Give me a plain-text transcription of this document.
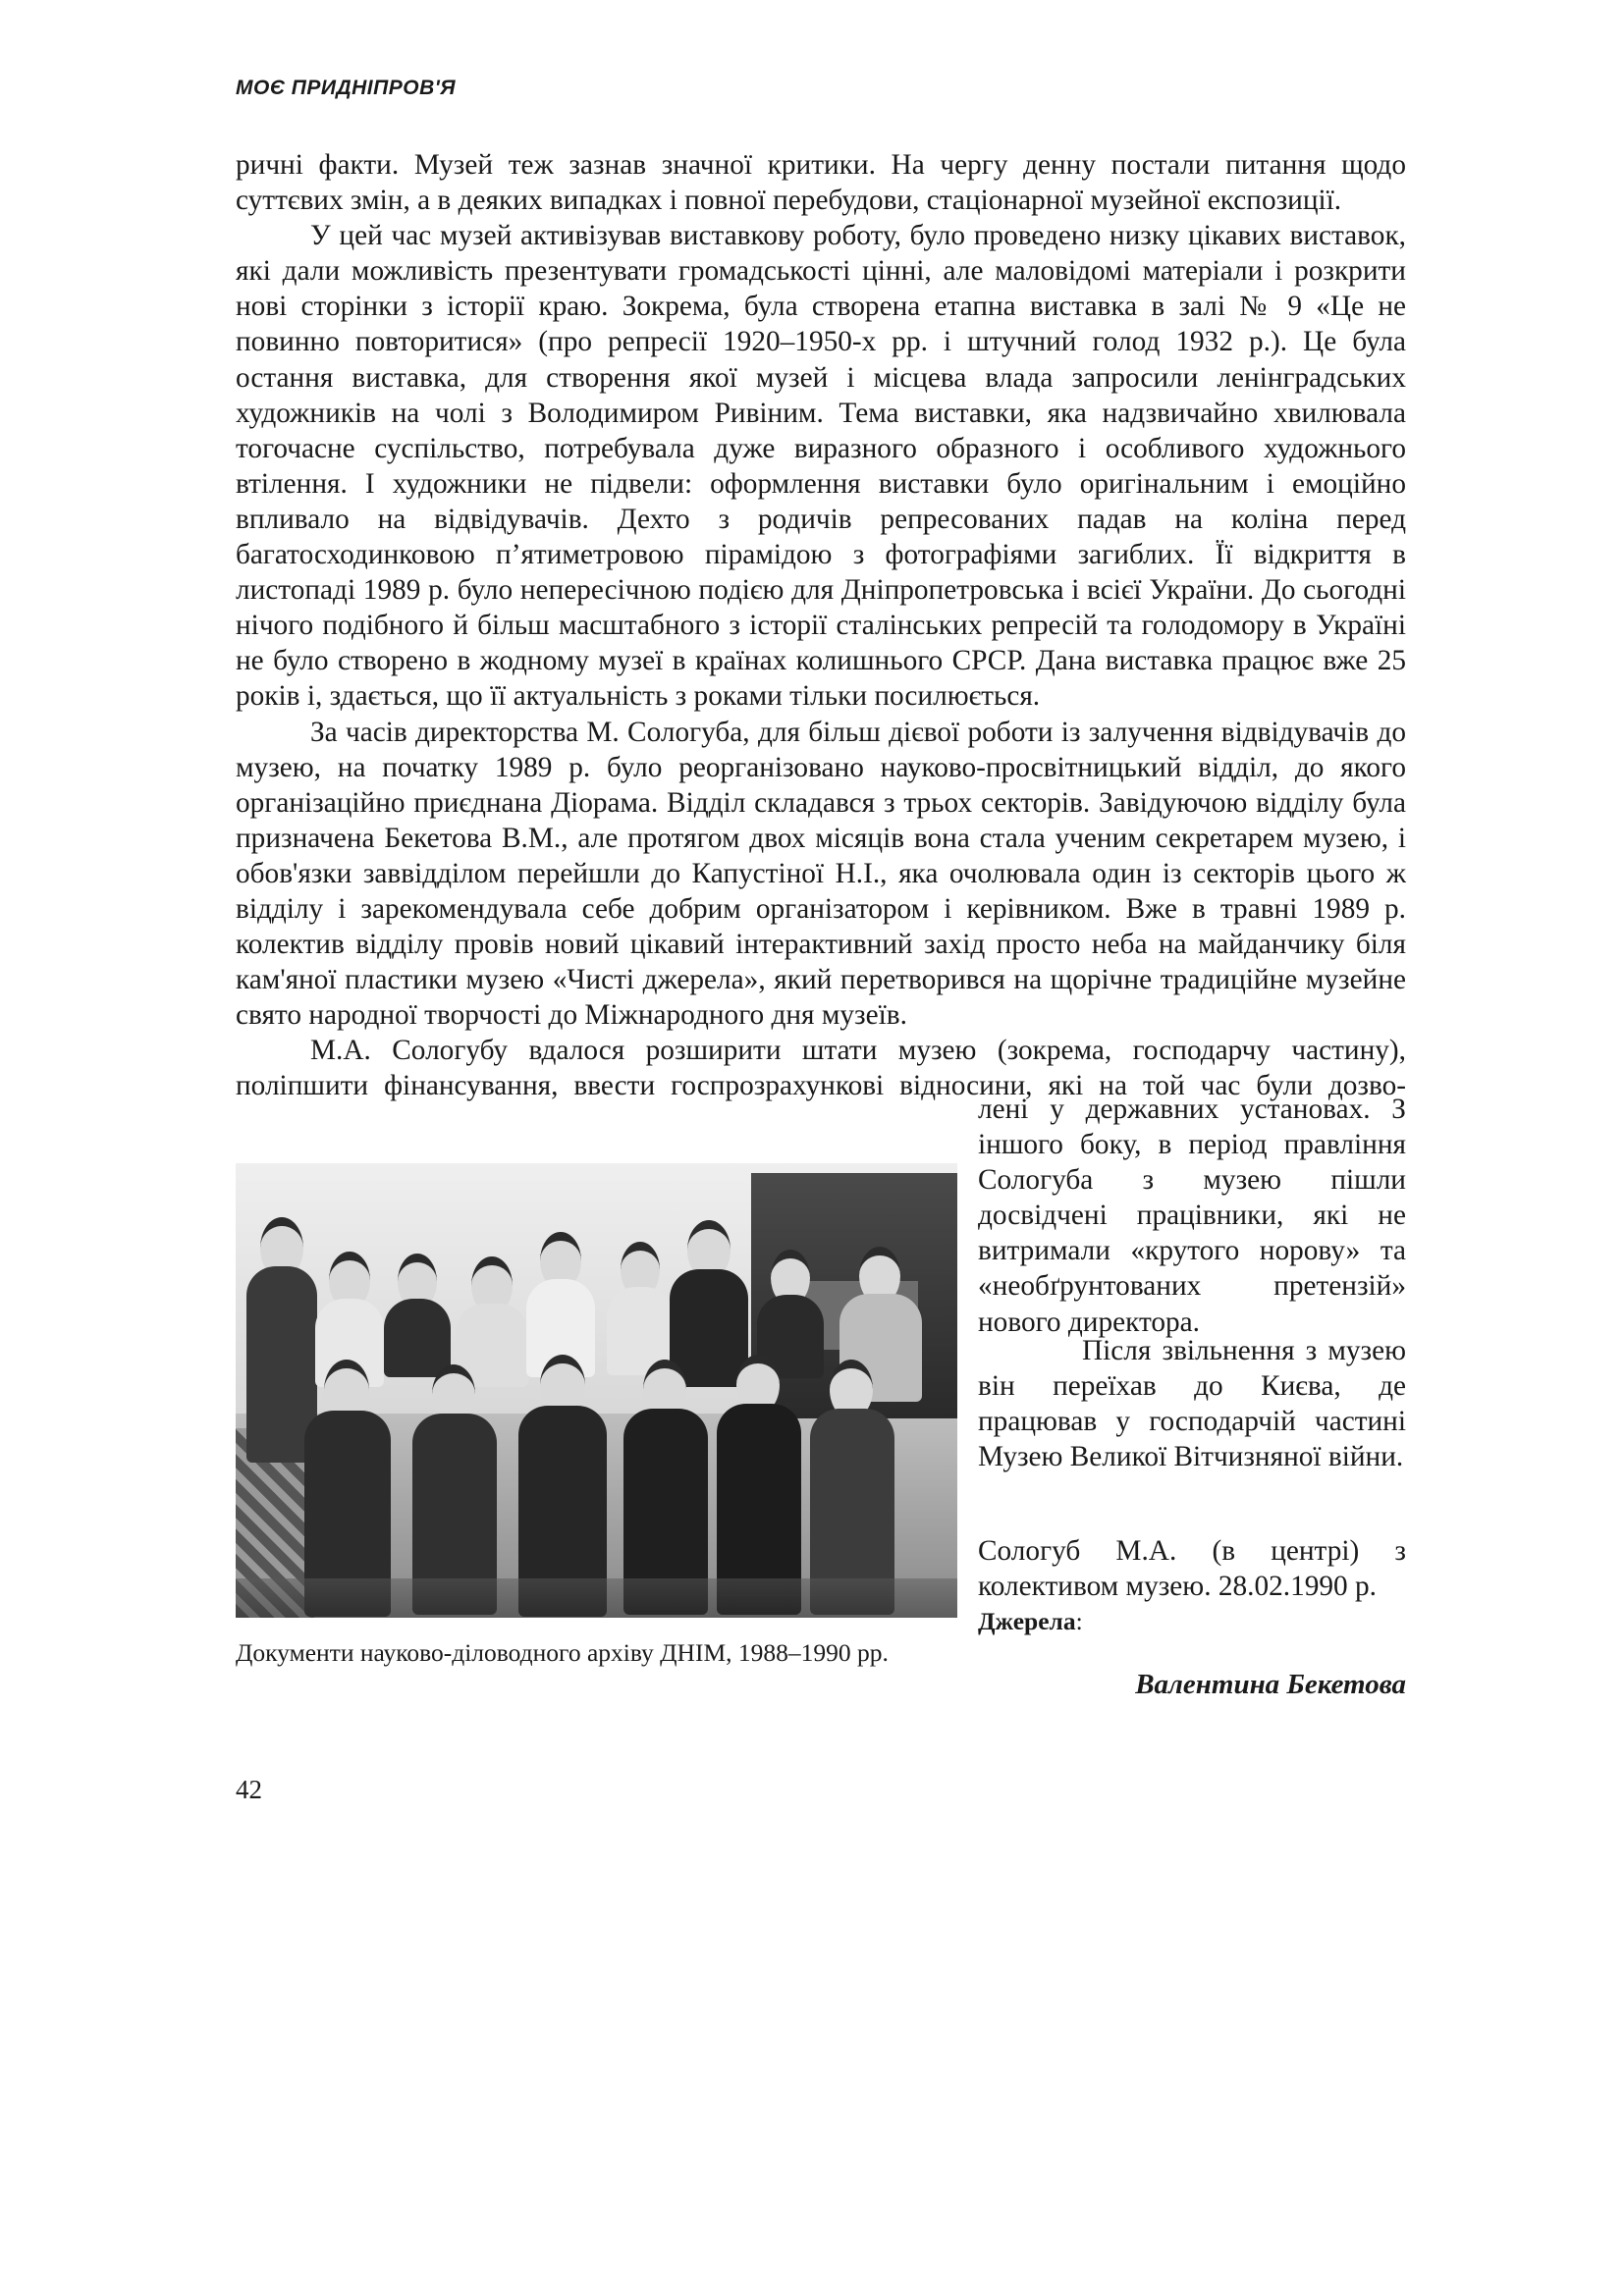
МОЄ ПРИДНІПРОВ'Я

ричні факти. Музей теж зазнав значної критики. На чергу денну постали питання щодо суттєвих змін, а в деяких випадках і повної перебудови, стаціонарної музейної експозиції.

У цей час музей активізував виставкову роботу, було проведено низку цікавих виставок, які дали можливість презентувати громадськості цінні, але маловідомі матеріали і розкрити нові сторінки з історії краю. Зокрема, була створена етапна виставка в залі № 9 «Це не повинно повторитися» (про репресії 1920–1950-х рр. і штучний голод 1932 р.). Це була остання виставка, для створення якої музей і місцева влада запросили ленінградських художників на чолі з Володимиром Ривіним. Тема виставки, яка надзвичайно хвилювала тогочасне суспільство, потребувала дуже виразного образного і особливого художнього втілення. І художники не підвели: оформлення виставки було оригінальним і емоційно впливало на відвідувачів. Дехто з родичів репресованих падав на коліна перед багатосходинковою п’ятиметровою пірамідою з фотографіями загиблих. Її відкриття в листопаді 1989 р. було непересічною подією для Дніпропетровська і всієї України. До сьогодні нічого подібного й більш масштабного з історії сталінських репресій та голодомору в Україні не було створено в жодному музеї в країнах колишнього СРСР. Дана виставка працює вже 25 років і, здається, що її актуальність з роками тільки посилюється.

За часів директорства М. Сологуба, для більш дієвої роботи із залучення відвідувачів до музею, на початку 1989 р. було реорганізовано науково-просвітницький відділ, до якого організаційно приєднана Діорама. Відділ складався з трьох секторів. Завідуючою відділу була призначена Бекетова В.М., але протягом двох місяців вона стала ученим секретарем музею, і обов'язки заввідділом перейшли до Капустіної Н.І., яка очолювала один із секторів цього ж відділу і зарекомендувала себе добрим організатором і керівником. Вже в травні 1989 р. колектив відділу провів новий цікавий інтерактивний захід просто неба на майданчику біля кам'яної пластики музею «Чисті джерела», який перетворився на щорічне традиційне музейне свято народної творчості до Міжнародного дня музеїв.

М.А. Сологубу вдалося розширити штати музею (зокрема, господарчу частину), поліпшити фінансування, ввести госпрозрахункові відносини, які на той час були дозво-

Документи науково-діловодного архіву ДНІМ, 1988–1990 рр.

лені у державних установах. З іншого боку, в період правління Сологуба з музею пішли досвідчені працівники, які не витримали «крутого норову» та «необґрунтованих претензій» нового директора.

Після звільнення з музею він переїхав до Києва, де працював у господарчій частині Музею Великої Вітчизняної війни.

Сологуб М.А. (в центрі) з колективом музею. 28.02.1990 р.

Джерела:
Валентина Бекетова
42
